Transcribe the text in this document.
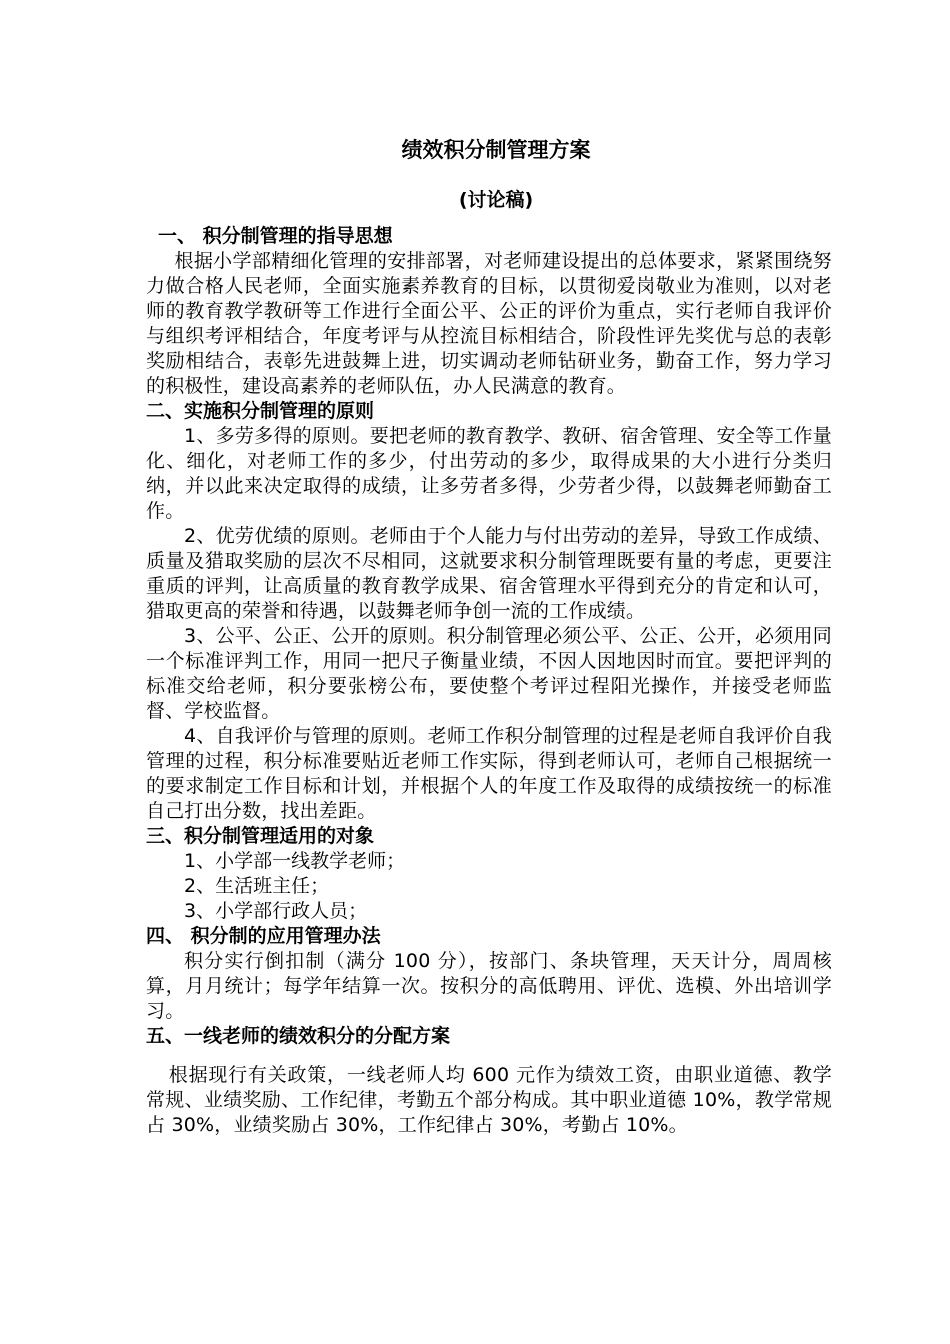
绩效积分制管理方案
(讨论稿)
一、 积分制管理的指导思想

根据小学部精细化管理的安排部署，对老师建设提出的总体要求，紧紧围绕努力做合格人民老师，全面实施素养教育的目标，以贯彻爱岗敬业为准则，以对老师的教育教学教研等工作进行全面公平、公正的评价为重点，实行老师自我评价与组织考评相结合，年度考评与从控流目标相结合，阶段性评先奖优与总的表彰奖励相结合，表彰先进鼓舞上进，切实调动老师钻研业务，勤奋工作，努力学习的积极性，建设高素养的老师队伍，办人民满意的教育。

二、实施积分制管理的原则

1、多劳多得的原则。要把老师的教育教学、教研、宿舍管理、安全等工作量化、细化，对老师工作的多少，付出劳动的多少，取得成果的大小进行分类归纳，并以此来决定取得的成绩，让多劳者多得，少劳者少得，以鼓舞老师勤奋工作。

2、优劳优绩的原则。老师由于个人能力与付出劳动的差异，导致工作成绩、质量及猎取奖励的层次不尽相同，这就要求积分制管理既要有量的考虑，更要注重质的评判，让高质量的教育教学成果、宿舍管理水平得到充分的肯定和认可，猎取更高的荣誉和待遇，以鼓舞老师争创一流的工作成绩。

3、公平、公正、公开的原则。积分制管理必须公平、公正、公开，必须用同一个标准评判工作，用同一把尺子衡量业绩，不因人因地因时而宜。要把评判的标准交给老师，积分要张榜公布，要使整个考评过程阳光操作，并接受老师监督、学校监督。

4、自我评价与管理的原则。老师工作积分制管理的过程是老师自我评价自我管理的过程，积分标准要贴近老师工作实际，得到老师认可，老师自己根据统一的要求制定工作目标和计划，并根据个人的年度工作及取得的成绩按统一的标准自己打出分数，找出差距。

三、积分制管理适用的对象

1、小学部一线教学老师；

2、生活班主任；

3、小学部行政人员；

四、 积分制的应用管理办法

积分实行倒扣制（满分 100 分），按部门、条块管理，天天计分，周周核算，月月统计；每学年结算一次。按积分的高低聘用、评优、选模、外出培训学习。

五、一线老师的绩效积分的分配方案

根据现行有关政策，一线老师人均 600 元作为绩效工资，由职业道德、教学常规、业绩奖励、工作纪律，考勤五个部分构成。其中职业道德 10%，教学常规占 30%，业绩奖励占 30%，工作纪律占 30%，考勤占 10%。
